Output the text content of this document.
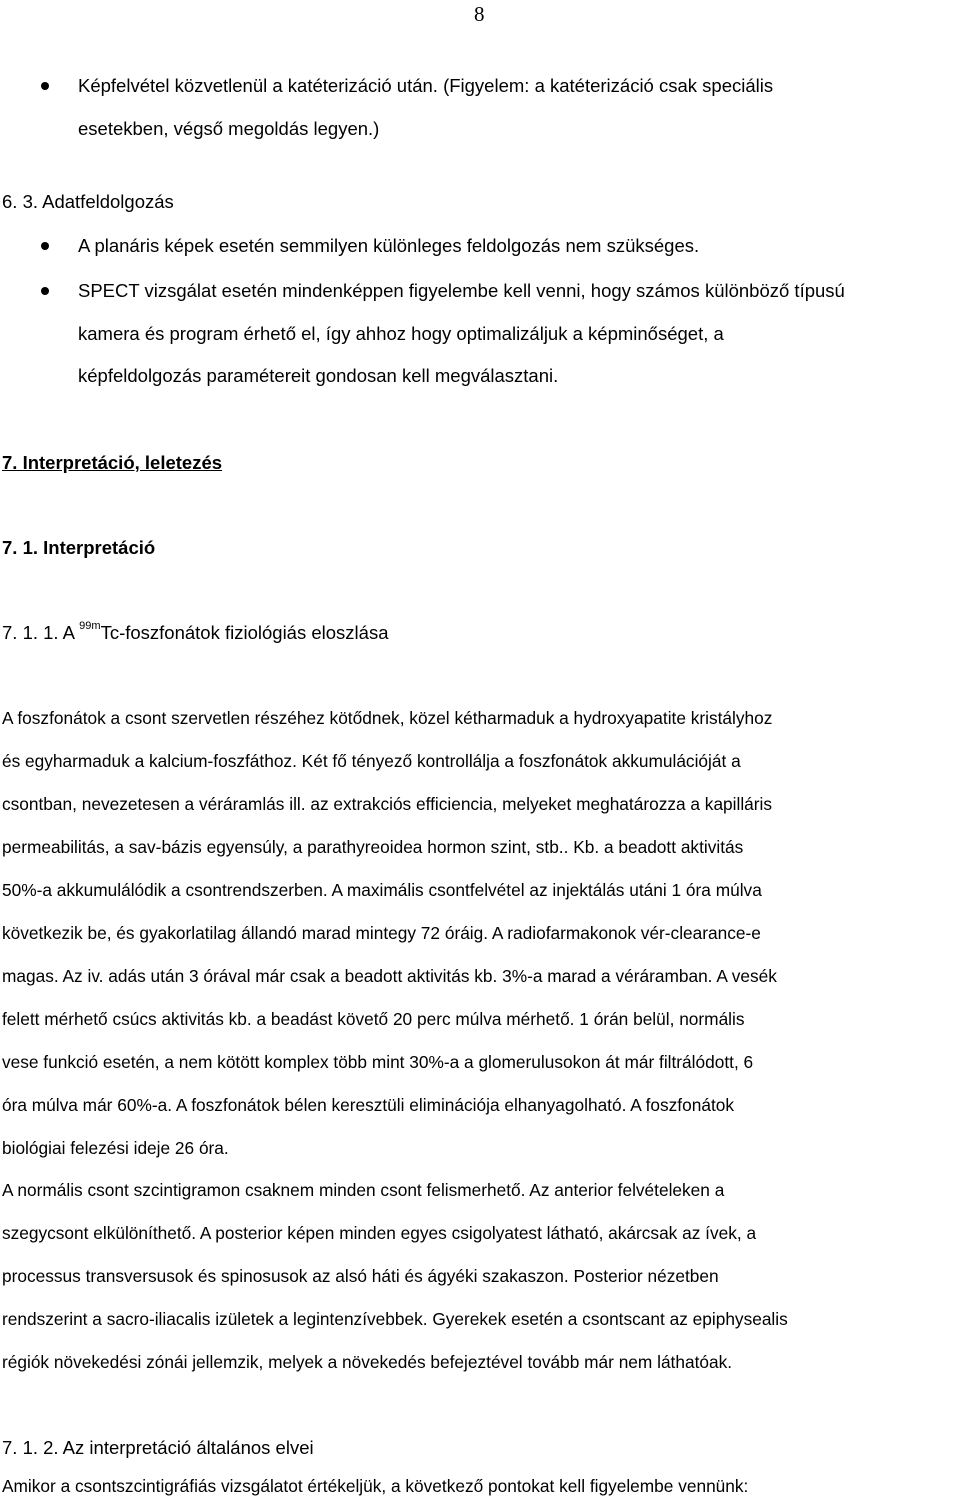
8
Képfelvétel közvetlenül a katéterizáció után. (Figyelem: a katéterizáció csak speciális
esetekben, végső megoldás legyen.)
6. 3. Adatfeldolgozás
A planáris képek esetén semmilyen különleges feldolgozás nem szükséges.
SPECT vizsgálat esetén mindenképpen figyelembe kell venni, hogy számos különböző típusú
kamera és program érhető el, így ahhoz hogy optimalizáljuk a képminőséget, a
képfeldolgozás paramétereit gondosan kell megválasztani.
7. Interpretáció, leletezés
7. 1. Interpretáció
7. 1. 1. A $^{99m}$Tc-foszfonátok fiziológiás eloszlása

A foszfonátok a csont szervetlen részéhez kötődnek, közel kétharmaduk a hydroxyapatite kristályhoz

és egyharmaduk a kalcium-foszfáthoz. Két fő tényező kontrollálja a foszfonátok akkumulációját a

csontban, nevezetesen a véráramlás ill. az extrakciós efficiencia, melyeket meghatározza a kapilláris

permeabilitás, a sav-bázis egyensúly, a parathyreoidea hormon szint, stb.. Kb. a beadott aktivitás

50%-a akkumulálódik a csontrendszerben. A maximális csontfelvétel az injektálás utáni 1 óra múlva

következik be, és gyakorlatilag állandó marad mintegy 72 óráig. A radiofarmakonok vér-clearance-e

magas. Az iv. adás után 3 órával már csak a beadott aktivitás kb. 3%-a marad a véráramban. A vesék

felett mérhető csúcs aktivitás kb. a beadást követő 20 perc múlva mérhető. 1 órán belül, normális

vese funkció esetén, a nem kötött komplex több mint 30%-a a glomerulusokon át már filtrálódott, 6

óra múlva már 60%-a. A foszfonátok bélen keresztüli eliminációja elhanyagolható. A foszfonátok

biológiai felezési ideje 26 óra.

A normális csont szcintigramon csaknem minden csont felismerhető. Az anterior felvételeken a

szegycsont elkülöníthető. A posterior képen minden egyes csigolyatest látható, akárcsak az ívek, a

processus transversusok és spinosusok az alsó háti és ágyéki szakaszon. Posterior nézetben

rendszerint a sacro-iliacalis izületek a legintenzívebbek. Gyerekek esetén a csontscant az epiphysealis

régiók növekedési zónái jellemzik, melyek a növekedés befejeztével tovább már nem láthatóak.

7. 1. 2. Az interpretáció általános elvei

Amikor a csontszcintigráfiás vizsgálatot értékeljük, a következő pontokat kell figyelembe vennünk:
